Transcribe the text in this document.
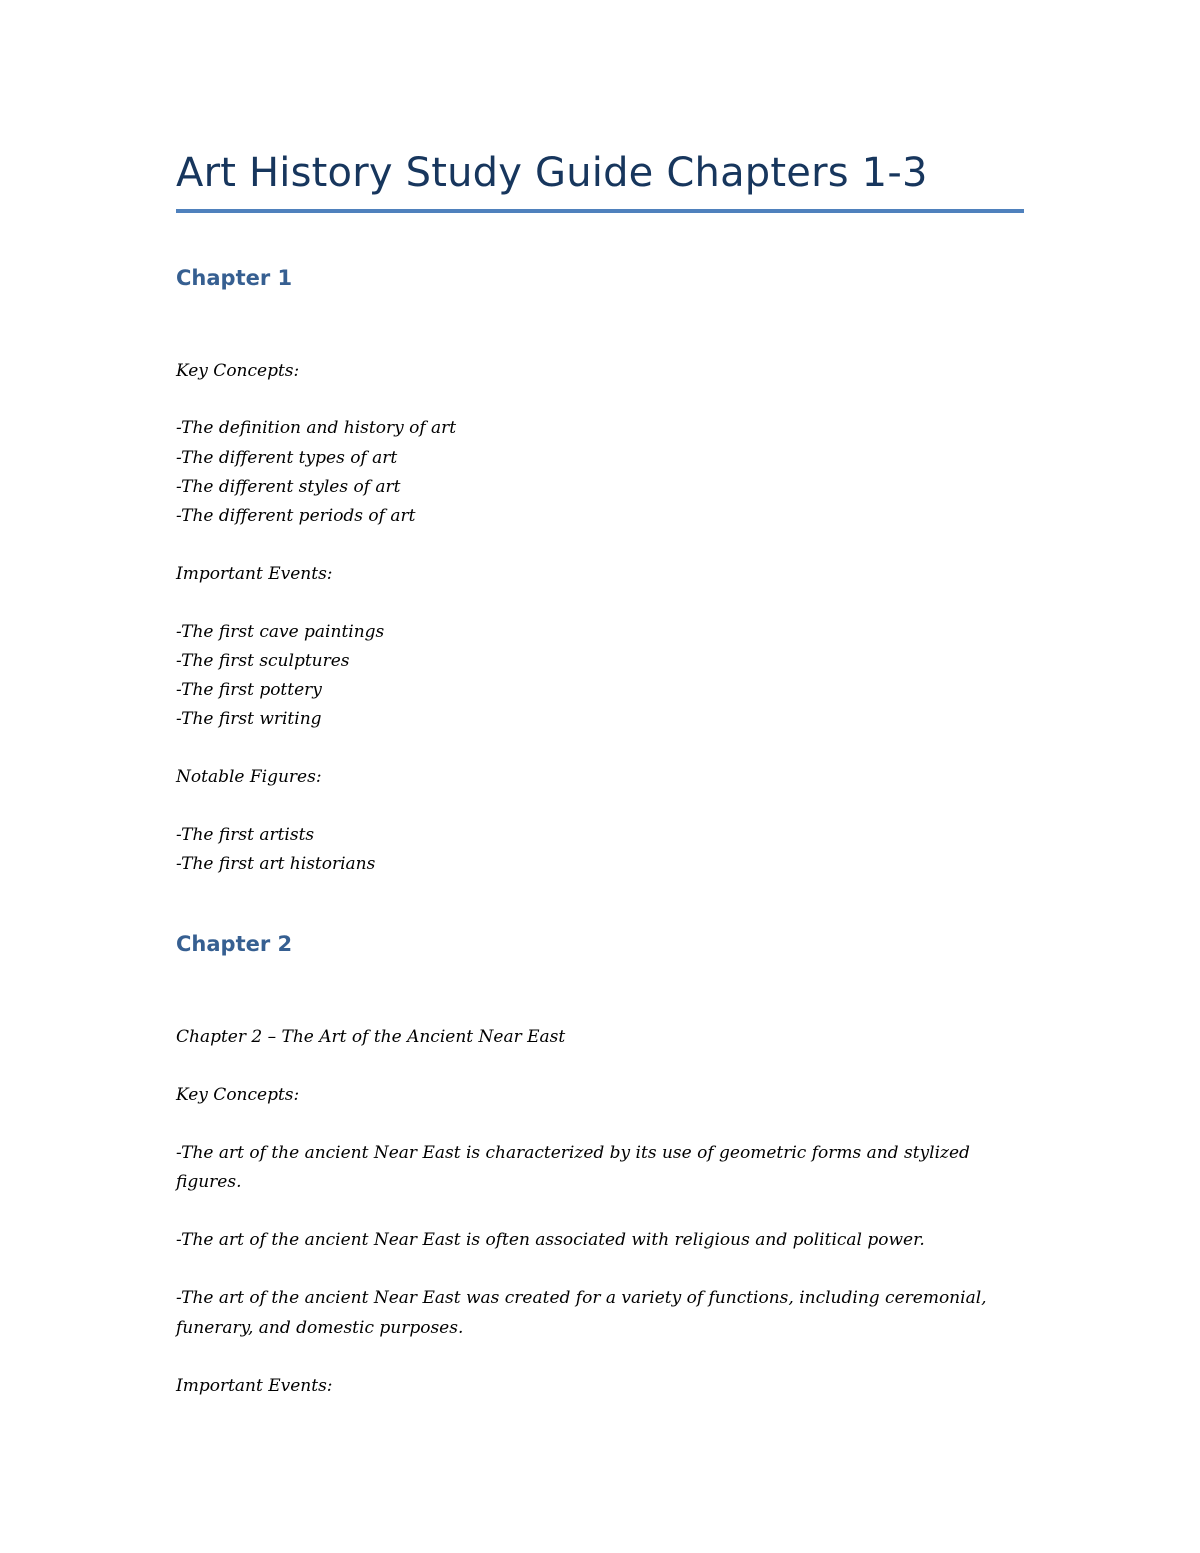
Art History Study Guide Chapters 1-3
Chapter 1
Key Concepts:
-The definition and history of art
-The different types of art
-The different styles of art
-The different periods of art
Important Events:
-The first cave paintings
-The first sculptures
-The first pottery
-The first writing
Notable Figures:
-The first artists
-The first art historians
Chapter 2
Chapter 2 – The Art of the Ancient Near East
Key Concepts:
-The art of the ancient Near East is characterized by its use of geometric forms and stylized
figures.
-The art of the ancient Near East is often associated with religious and political power.
-The art of the ancient Near East was created for a variety of functions, including ceremonial,
funerary, and domestic purposes.
Important Events:
